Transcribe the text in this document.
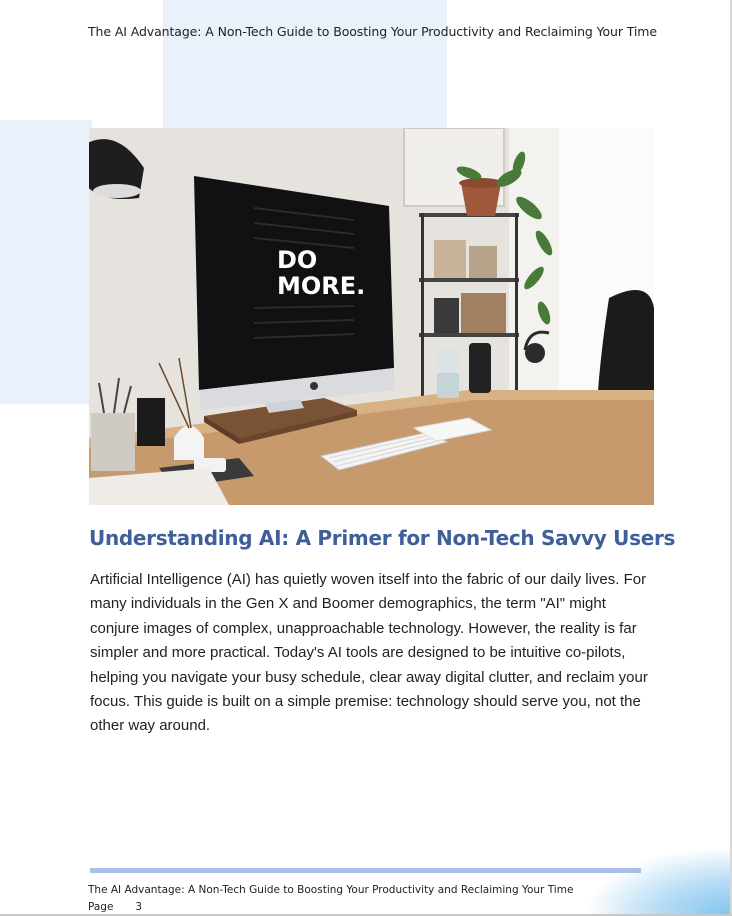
The AI Advantage: A Non-Tech Guide to Boosting Your Productivity and Reclaiming Your Time
DO
MORE.
Understanding AI: A Primer for Non-Tech Savvy Users

Artificial Intelligence (AI) has quietly woven itself into the fabric of our daily lives. For many individuals in the Gen X and Boomer demographics, the term "AI" might conjure images of complex, unapproachable technology. However, the reality is far simpler and more practical. Today's AI tools are designed to be intuitive co-pilots, helping you navigate your busy schedule, clear away digital clutter, and reclaim your focus. This guide is built on a simple premise: technology should serve you, not the other way around.

The AI Advantage: A Non-Tech Guide to Boosting Your Productivity and Reclaiming Your Time
Page 3
